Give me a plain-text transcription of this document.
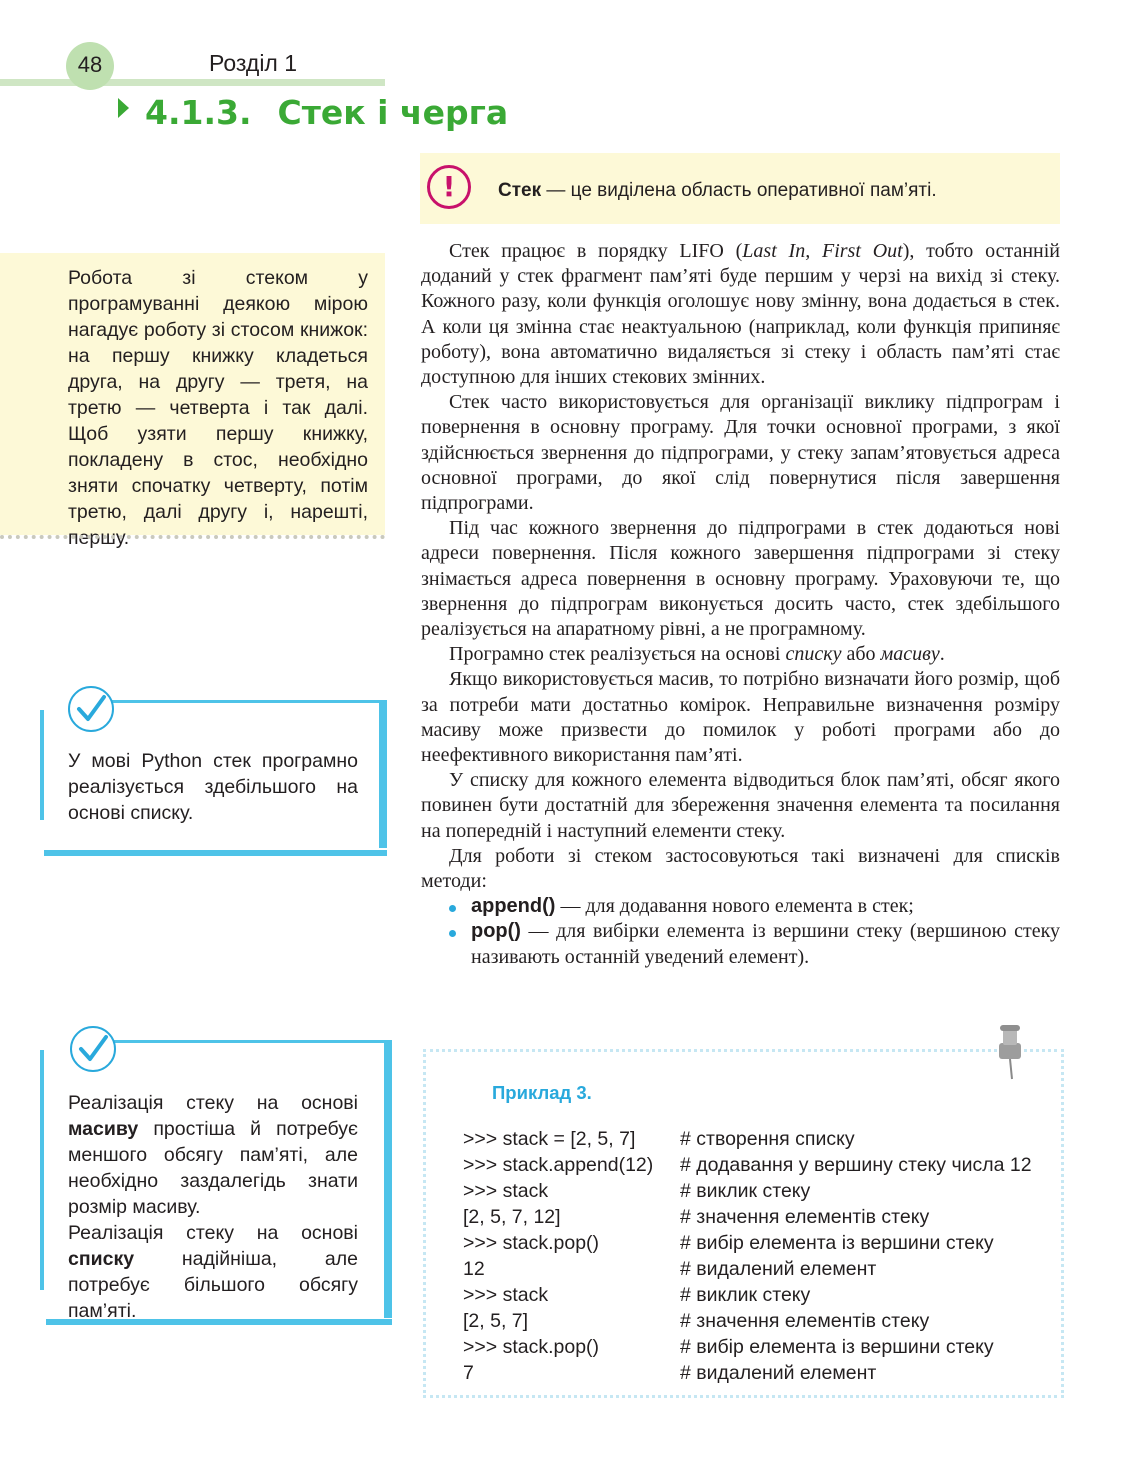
48	Розділ 1
4.1.3. Стек і черга
!	Стек — це виділена область оперативної пам’яті.
Робота зі стеком у програмуванні деякою мірою нагадує роботу зі стосом книжок: на першу книжку кладеться друга, на другу — третя, на третю — четверта і так далі. Щоб узяти першу книжку, покладену в стос, необхідно зняти спочатку четверту, потім третю, далі другу і, нарешті, першу.
У мові Python стек програмно реалізується здебільшого на основі списку.
Реалізація стеку на основі масиву простіша й потребує меншого обсягу пам’яті, але необхідно заздалегідь знати розмір масиву.
Реалізація стеку на основі списку надійніша, але потребує більшого обсягу пам’яті.

Стек працює в порядку LIFO (Last In, First Out), тобто останній доданий у стек фрагмент пам’яті буде першим у черзі на вихід зі стеку. Кожного разу, коли функція оголошує нову змінну, вона додається в стек. А коли ця змінна стає неактуальною (наприклад, коли функція припиняє роботу), вона автоматично видаляється зі стеку і область пам’яті стає доступною для інших стекових змінних.

Стек часто використовується для організації виклику підпрограм і повернення в основну програму. Для точки основної програми, з якої здійснюється звернення до підпрограми, у стеку запам’ятовується адреса основної програми, до якої слід повернутися після завершення підпрограми.

Під час кожного звернення до підпрограми в стек додаються нові адреси повернення. Після кожного завершення підпрограми зі стеку знімається адреса повернення в основну програму. Ураховуючи те, що звернення до підпрограм виконується досить часто, стек здебільшого реалізується на апаратному рівні, а не програмному.

Програмно стек реалізується на основі списку або масиву.

Якщо використовується масив, то потрібно визначати його розмір, щоб за потреби мати достатньо комірок. Неправильне визначення розміру масиву може призвести до помилок у роботі програми або до неефективного використання пам’яті.

У списку для кожного елемента відводиться блок пам’яті, обсяг якого повинен бути достатній для збереження значення елемента та посилання на попередній і наступний елементи стеку.

Для роботи зі стеком застосовуються такі визначені для списків методи:

append() — для додавання нового елемента в стек;
pop() — для вибірки елемента із вершини стеку (вершиною стеку називають останній уведений елемент).
Приклад 3.
>>> stack = [2, 5, 7] # створення списку
>>> stack.append(12) # додавання у вершину стеку числа 12
>>> stack	# виклик стеку
[2, 5, 7, 12]	# значення елементів стеку
>>> stack.pop()	# вибір елемента із вершини стеку
12	# видалений елемент
>>> stack	# виклик стеку
[2, 5, 7]	# значення елементів стеку
>>> stack.pop()	# вибір елемента із вершини стеку
7	# видалений елемент
